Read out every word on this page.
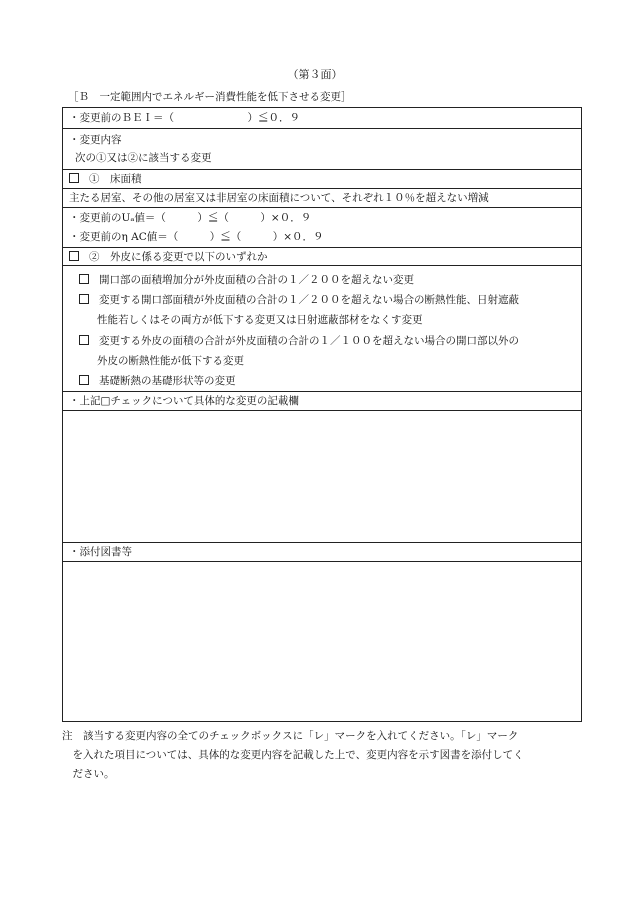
（第３面）
［Ｂ　一定範囲内でエネルギー消費性能を低下させる変更］
・変更前のＢＥＩ＝（　　　　　　　）≦０．９
・変更内容
次の①又は②に該当する変更
①　床面積
主たる居室、その他の居室又は非居室の床面積について、それぞれ１０％を超えない増減
・変更前のUₐ値＝（　　　）≦（　　　）×０．９
・変更前のη AC値＝（　　　）≦（　　　）×０．９
②　外皮に係る変更で以下のいずれか
開口部の面積増加分が外皮面積の合計の１／２００を超えない変更
変更する開口部面積が外皮面積の合計の１／２００を超えない場合の断熱性能、日射遮蔽
性能若しくはその両方が低下する変更又は日射遮蔽部材をなくす変更
変更する外皮の面積の合計が外皮面積の合計の１／１００を超えない場合の開口部以外の
外皮の断熱性能が低下する変更
基礎断熱の基礎形状等の変更
・上記□チェックについて具体的な変更の記載欄
・添付図書等
注　該当する変更内容の全てのチェックボックスに「レ」マークを入れてください。「レ」マーク
　を入れた項目については、具体的な変更内容を記載した上で、変更内容を示す図書を添付してく
　ださい。
